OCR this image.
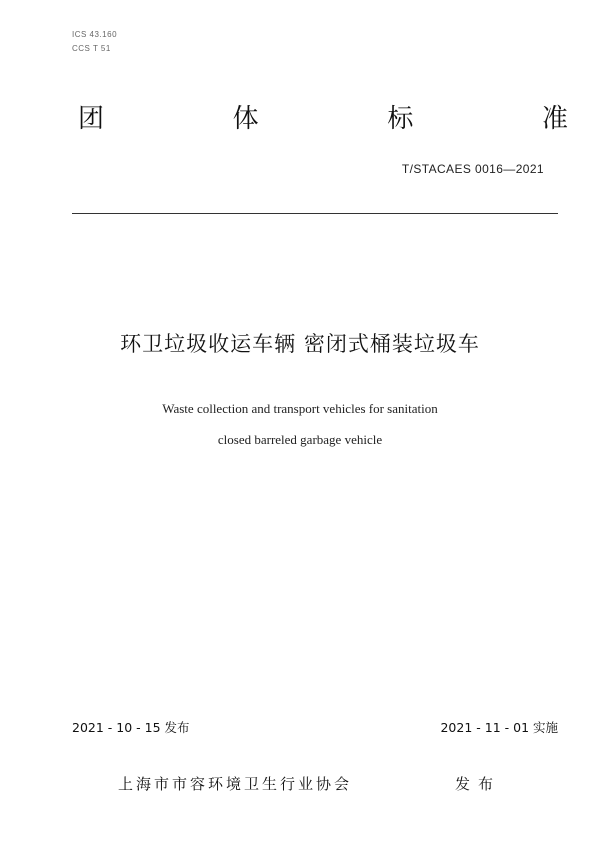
ICS 43.160
CCS T 51
团	体	标	准
T/STACAES 0016—2021
环卫垃圾收运车辆 密闭式桶装垃圾车
Waste collection and transport vehicles for sanitation
closed barreled garbage vehicle
2021 - 10 - 15 发布	2021 - 11 - 01 实施
上海市市容环境卫生行业协会	发布
